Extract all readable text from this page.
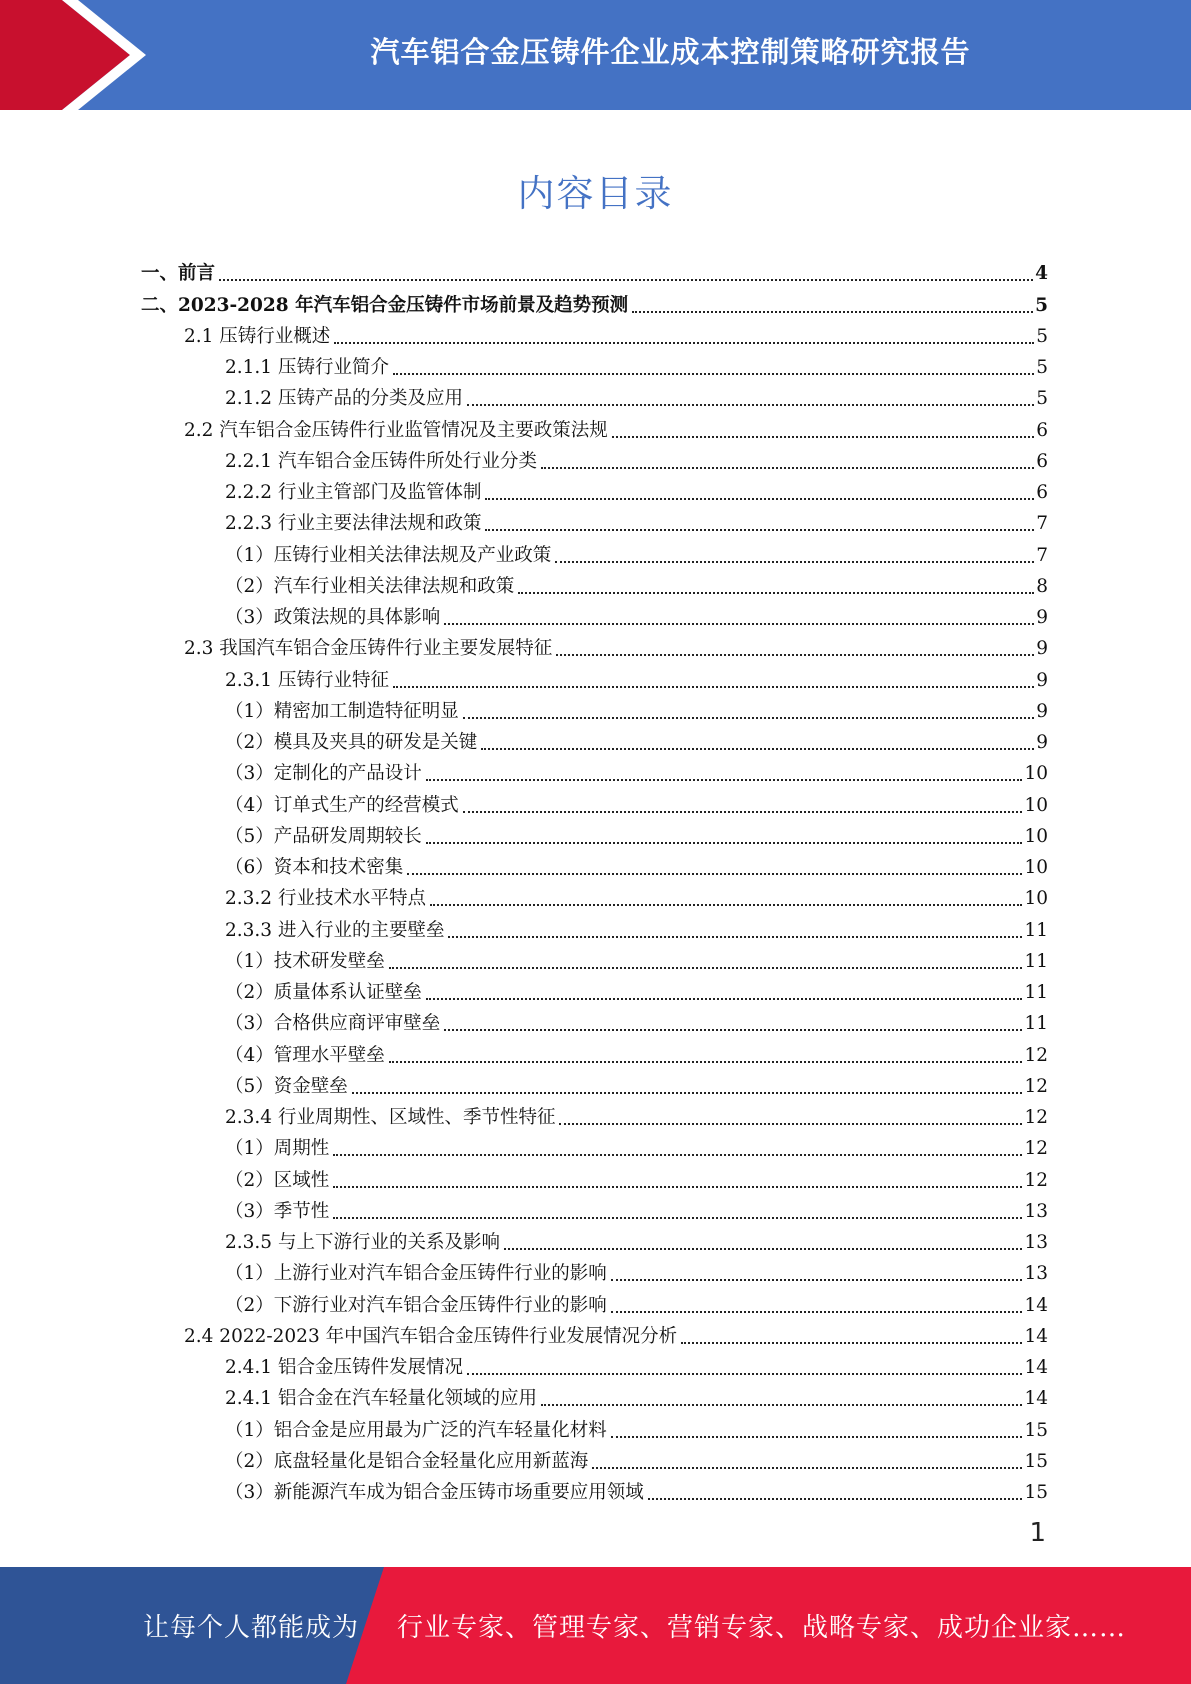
汽车铝合金压铸件企业成本控制策略研究报告
内容目录
一、前言	4
二、2023-2028 年汽车铝合金压铸件市场前景及趋势预测	5
2.1 压铸行业概述	5
2.1.1 压铸行业简介	5
2.1.2 压铸产品的分类及应用	5
2.2 汽车铝合金压铸件行业监管情况及主要政策法规	6
2.2.1 汽车铝合金压铸件所处行业分类	6
2.2.2 行业主管部门及监管体制	6
2.2.3 行业主要法律法规和政策	7
（1）压铸行业相关法律法规及产业政策	7
（2）汽车行业相关法律法规和政策	8
（3）政策法规的具体影响	9
2.3 我国汽车铝合金压铸件行业主要发展特征	9
2.3.1 压铸行业特征	9
（1）精密加工制造特征明显	9
（2）模具及夹具的研发是关键	9
（3）定制化的产品设计	10
（4）订单式生产的经营模式	10
（5）产品研发周期较长	10
（6）资本和技术密集	10
2.3.2 行业技术水平特点	10
2.3.3 进入行业的主要壁垒	11
（1）技术研发壁垒	11
（2）质量体系认证壁垒	11
（3）合格供应商评审壁垒	11
（4）管理水平壁垒	12
（5）资金壁垒	12
2.3.4 行业周期性、区域性、季节性特征	12
（1）周期性	12
（2）区域性	12
（3）季节性	13
2.3.5 与上下游行业的关系及影响	13
（1）上游行业对汽车铝合金压铸件行业的影响	13
（2）下游行业对汽车铝合金压铸件行业的影响	14
2.4 2022-2023 年中国汽车铝合金压铸件行业发展情况分析	14
2.4.1 铝合金压铸件发展情况	14
2.4.1 铝合金在汽车轻量化领域的应用	14
（1）铝合金是应用最为广泛的汽车轻量化材料	15
（2）底盘轻量化是铝合金轻量化应用新蓝海	15
（3）新能源汽车成为铝合金压铸市场重要应用领域	15
1
让每个人都能成为 行业专家、管理专家、营销专家、战略专家、成功企业家……
